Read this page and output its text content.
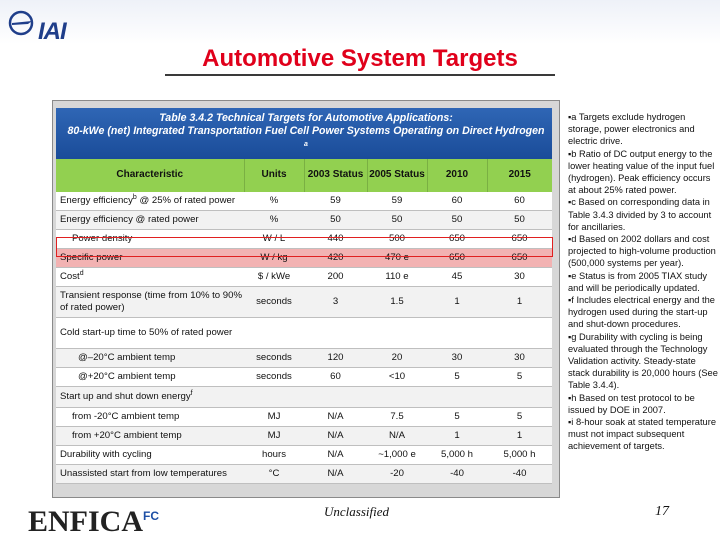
IAI
Automotive System Targets
Table 3.4.2 Technical Targets for Automotive Applications:
80-kWe (net) Integrated Transportation Fuel Cell Power Systems Operating on Direct Hydrogen $^a$
Characteristic	Units	2003 Status	2005 Status	2010	2015
Energy efficiency$^b$ @ 25% of rated power	%	59	59	60	60
Energy efficiency @ rated power	%	50	50	50	50
Power density	W / L	440	500	650	650
Specific power	W / kg	420	470 e	650	650
Cost$^d$	$ / kWe	200	110 e	45	30
Transient response (time from 10% to 90% of rated power)	seconds	3	1.5	1	1
Cold start-up time to 50% of rated power					
@–20°C ambient temp	seconds	120	20	30	30
@+20°C ambient temp	seconds	60	<10	5	5
Start up and shut down energy$^f$					
from -20°C ambient temp	MJ	N/A	7.5	5	5
from +20°C ambient temp	MJ	N/A	N/A	1	1
Durability with cycling	hours	N/A	~1,000 e	5,000 h	5,000 h
Unassisted start from low temperatures	°C	N/A	-20	-40	-40
▪a Targets exclude hydrogen storage, power electronics and electric drive.
▪b Ratio of DC output energy to the lower heating value of the input fuel (hydrogen). Peak efficiency occurs at about 25% rated power.
▪c Based on corresponding data in Table 3.4.3 divided by 3 to account for ancillaries.
▪d Based on 2002 dollars and cost projected to high-volume production (500,000 systems per year).
▪e Status is from 2005 TIAX study and will be periodically updated.
▪f Includes electrical energy and the hydrogen used during the start-up and shut-down procedures.
▪g Durability with cycling is being evaluated through the Technology Validation activity. Steady-state stack durability is 20,000 hours (See Table 3.4.4).
▪h Based on test protocol to be issued by DOE in 2007.
▪i 8-hour soak at stated temperature must not impact subsequent achievement of targets.
$ENFICA^{FC}$	Unclassified	17
